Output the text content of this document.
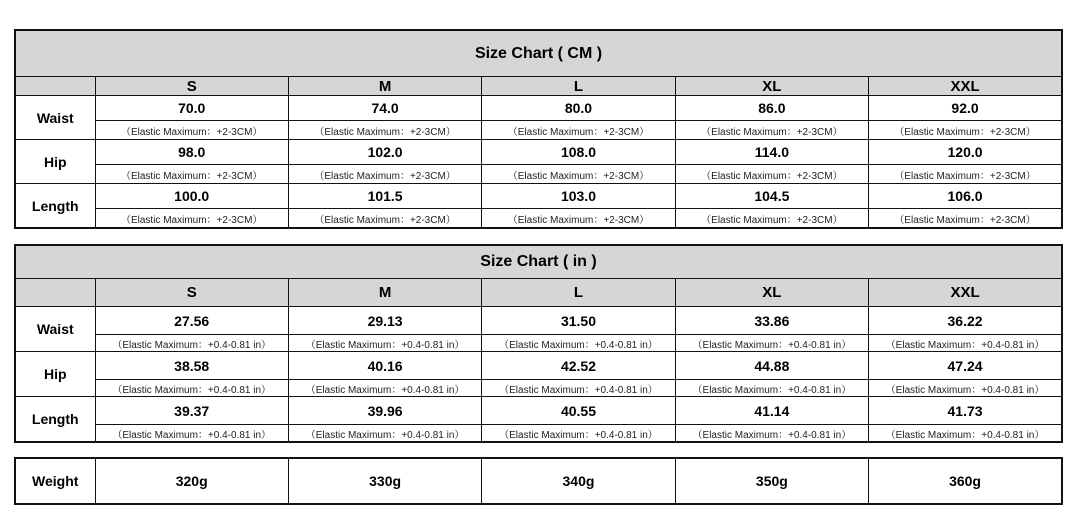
Size Chart ( CM )					
	S	M	L	XL	XXL
Waist	70.0	74.0	80.0	86.0	92.0
	（Elastic Maximum：+2-3CM）	（Elastic Maximum：+2-3CM）	（Elastic Maximum：+2-3CM）	（Elastic Maximum：+2-3CM）	（Elastic Maximum：+2-3CM）
Hip	98.0	102.0	108.0	114.0	120.0
	（Elastic Maximum：+2-3CM）	（Elastic Maximum：+2-3CM）	（Elastic Maximum：+2-3CM）	（Elastic Maximum：+2-3CM）	（Elastic Maximum：+2-3CM）
Length	100.0	101.5	103.0	104.5	106.0
	（Elastic Maximum：+2-3CM）	（Elastic Maximum：+2-3CM）	（Elastic Maximum：+2-3CM）	（Elastic Maximum：+2-3CM）	（Elastic Maximum：+2-3CM）
Size Chart ( in )					
	S	M	L	XL	XXL
Waist	27.56	29.13	31.50	33.86	36.22
	（Elastic Maximum：+0.4-0.81 in）	（Elastic Maximum：+0.4-0.81 in）	（Elastic Maximum：+0.4-0.81 in）	（Elastic Maximum：+0.4-0.81 in）	（Elastic Maximum：+0.4-0.81 in）
Hip	38.58	40.16	42.52	44.88	47.24
	（Elastic Maximum：+0.4-0.81 in）	（Elastic Maximum：+0.4-0.81 in）	（Elastic Maximum：+0.4-0.81 in）	（Elastic Maximum：+0.4-0.81 in）	（Elastic Maximum：+0.4-0.81 in）
Length	39.37	39.96	40.55	41.14	41.73
	（Elastic Maximum：+0.4-0.81 in）	（Elastic Maximum：+0.4-0.81 in）	（Elastic Maximum：+0.4-0.81 in）	（Elastic Maximum：+0.4-0.81 in）	（Elastic Maximum：+0.4-0.81 in）
Weight	320g	330g	340g	350g	360g
